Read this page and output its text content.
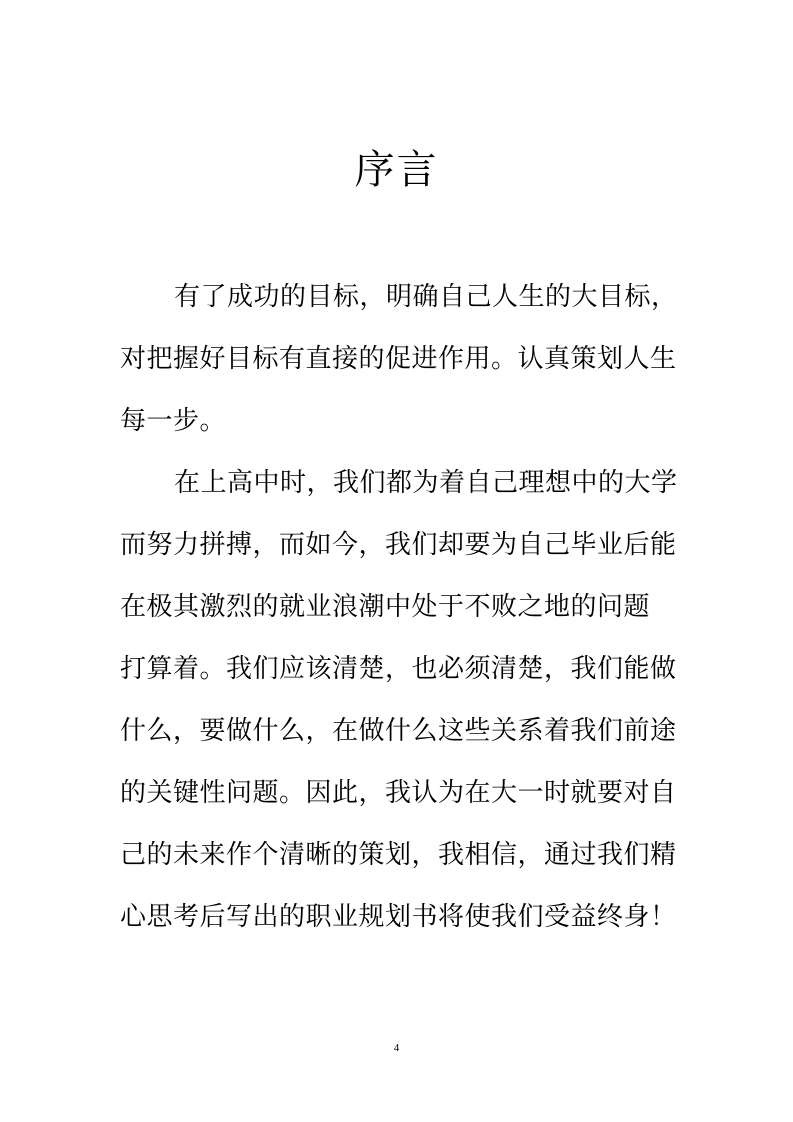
序言
有了成功的目标，明确自己人生的大目标，
对把握好目标有直接的促进作用。认真策划人生
每一步。
在上高中时，我们都为着自己理想中的大学
而努力拼搏，而如今，我们却要为自己毕业后能
在极其激烈的就业浪潮中处于不败之地的问题
打算着。我们应该清楚，也必须清楚，我们能做
什么，要做什么，在做什么这些关系着我们前途
的关键性问题。因此，我认为在大一时就要对自
己的未来作个清晰的策划，我相信，通过我们精
心思考后写出的职业规划书将使我们受益终身！
4
